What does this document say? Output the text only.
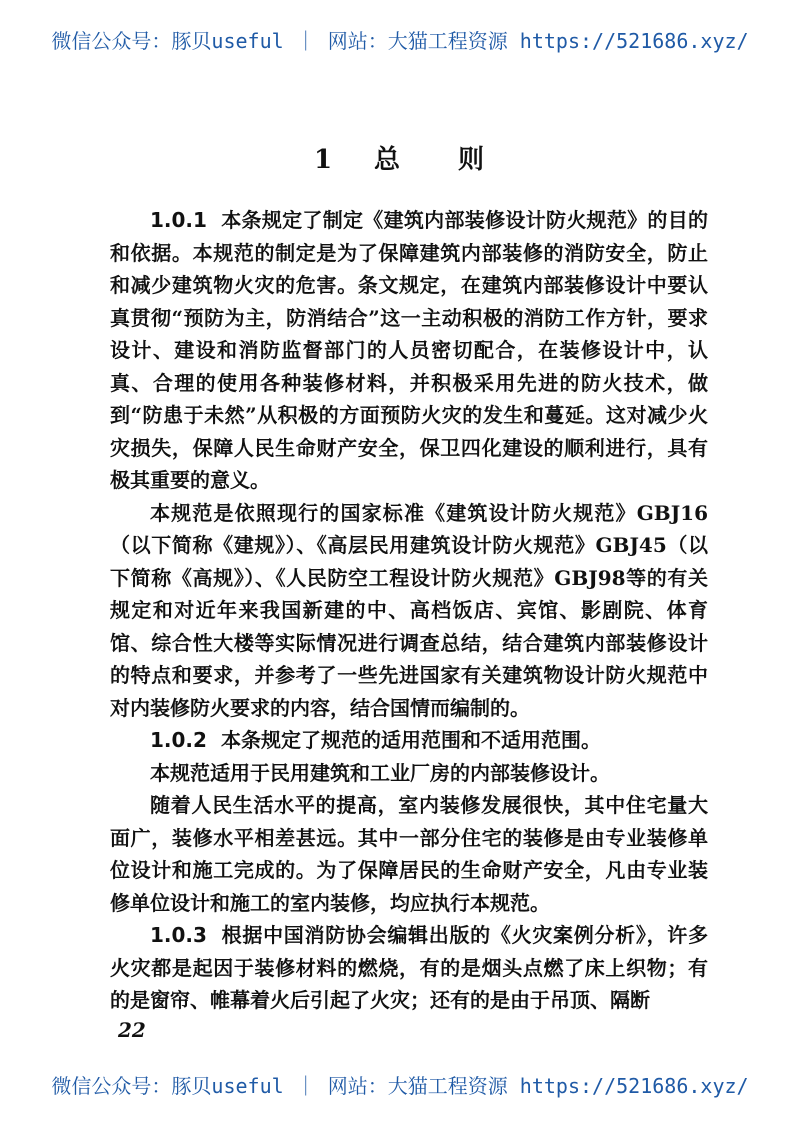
微信公众号：豚贝useful ｜ 网站：大猫工程资源 https://521686.xyz/
1 总 则

1.0.1 本条规定了制定《建筑内部装修设计防火规范》的目的和依据。本规范的制定是为了保障建筑内部装修的消防安全，防止和减少建筑物火灾的危害。条文规定，在建筑内部装修设计中要认真贯彻“预防为主，防消结合”这一主动积极的消防工作方针，要求设计、建设和消防监督部门的人员密切配合，在装修设计中，认真、合理的使用各种装修材料，并积极采用先进的防火技术，做到“防患于未然”从积极的方面预防火灾的发生和蔓延。这对减少火灾损失，保障人民生命财产安全，保卫四化建设的顺利进行，具有极其重要的意义。

本规范是依照现行的国家标准《建筑设计防火规范》GBJ16（以下简称《建规》）、《高层民用建筑设计防火规范》GBJ45（以下简称《高规》）、《人民防空工程设计防火规范》GBJ98等的有关规定和对近年来我国新建的中、高档饭店、宾馆、影剧院、体育馆、综合性大楼等实际情况进行调查总结，结合建筑内部装修设计的特点和要求，并参考了一些先进国家有关建筑物设计防火规范中对内装修防火要求的内容，结合国情而编制的。

1.0.2 本条规定了规范的适用范围和不适用范围。

本规范适用于民用建筑和工业厂房的内部装修设计。

随着人民生活水平的提高，室内装修发展很快，其中住宅量大面广，装修水平相差甚远。其中一部分住宅的装修是由专业装修单位设计和施工完成的。为了保障居民的生命财产安全，凡由专业装修单位设计和施工的室内装修，均应执行本规范。

1.0.3 根据中国消防协会编辑出版的《火灾案例分析》，许多火灾都是起因于装修材料的燃烧，有的是烟头点燃了床上织物；有的是窗帘、帷幕着火后引起了火灾；还有的是由于吊顶、隔断

22
微信公众号：豚贝useful ｜ 网站：大猫工程资源 https://521686.xyz/
